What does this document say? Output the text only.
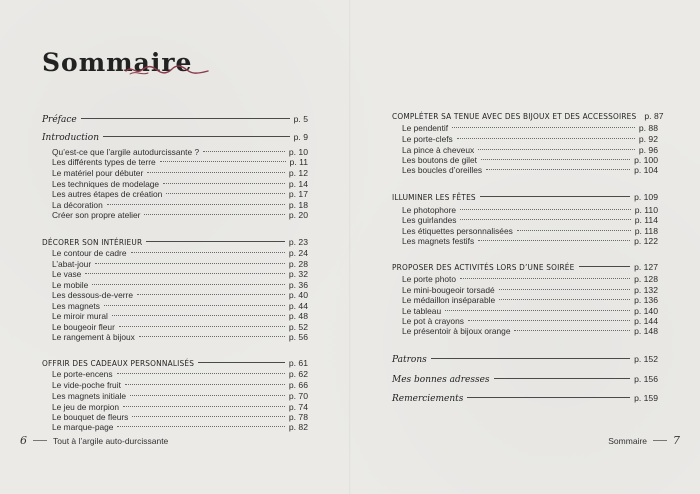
Sommaire
Préface	p. 5
Introduction	p. 9
Qu’est-ce que l’argile autodurcissante ?	p. 10
Les différents types de terre	p. 11
Le matériel pour débuter	p. 12
Les techniques de modelage	p. 14
Les autres étapes de création	p. 17
La décoration	p. 18
Créer son propre atelier	p. 20
DÉCORER SON INTÉRIEUR	p. 23
Le contour de cadre	p. 24
L’abat-jour	p. 28
Le vase	p. 32
Le mobile	p. 36
Les dessous-de-verre	p. 40
Les magnets	p. 44
Le miroir mural	p. 48
Le bougeoir fleur	p. 52
Le rangement à bijoux	p. 56
OFFRIR DES CADEAUX PERSONNALISÉS	p. 61
Le porte-encens	p. 62
Le vide-poche fruit	p. 66
Les magnets initiale	p. 70
Le jeu de morpion	p. 74
Le bouquet de fleurs	p. 78
Le marque-page	p. 82
COMPLÉTER SA TENUE AVEC DES BIJOUX ET DES ACCESSOIRES p. 87
Le pendentif	p. 88
Le porte-clefs	p. 92
La pince à cheveux	p. 96
Les boutons de gilet	p. 100
Les boucles d’oreilles	p. 104
ILLUMINER LES FÊTES	p. 109
Le photophore	p. 110
Les guirlandes	p. 114
Les étiquettes personnalisées	p. 118
Les magnets festifs	p. 122
PROPOSER DES ACTIVITÉS LORS D’UNE SOIRÉE	p. 127
Le porte photo	p. 128
Le mini-bougeoir torsadé	p. 132
Le médaillon inséparable	p. 136
Le tableau	p. 140
Le pot à crayons	p. 144
Le présentoir à bijoux orange	p. 148
Patrons	p. 152
Mes bonnes adresses	p. 156
Remerciements	p. 159
6	Tout à l’argile auto-durcissante	Sommaire 7
